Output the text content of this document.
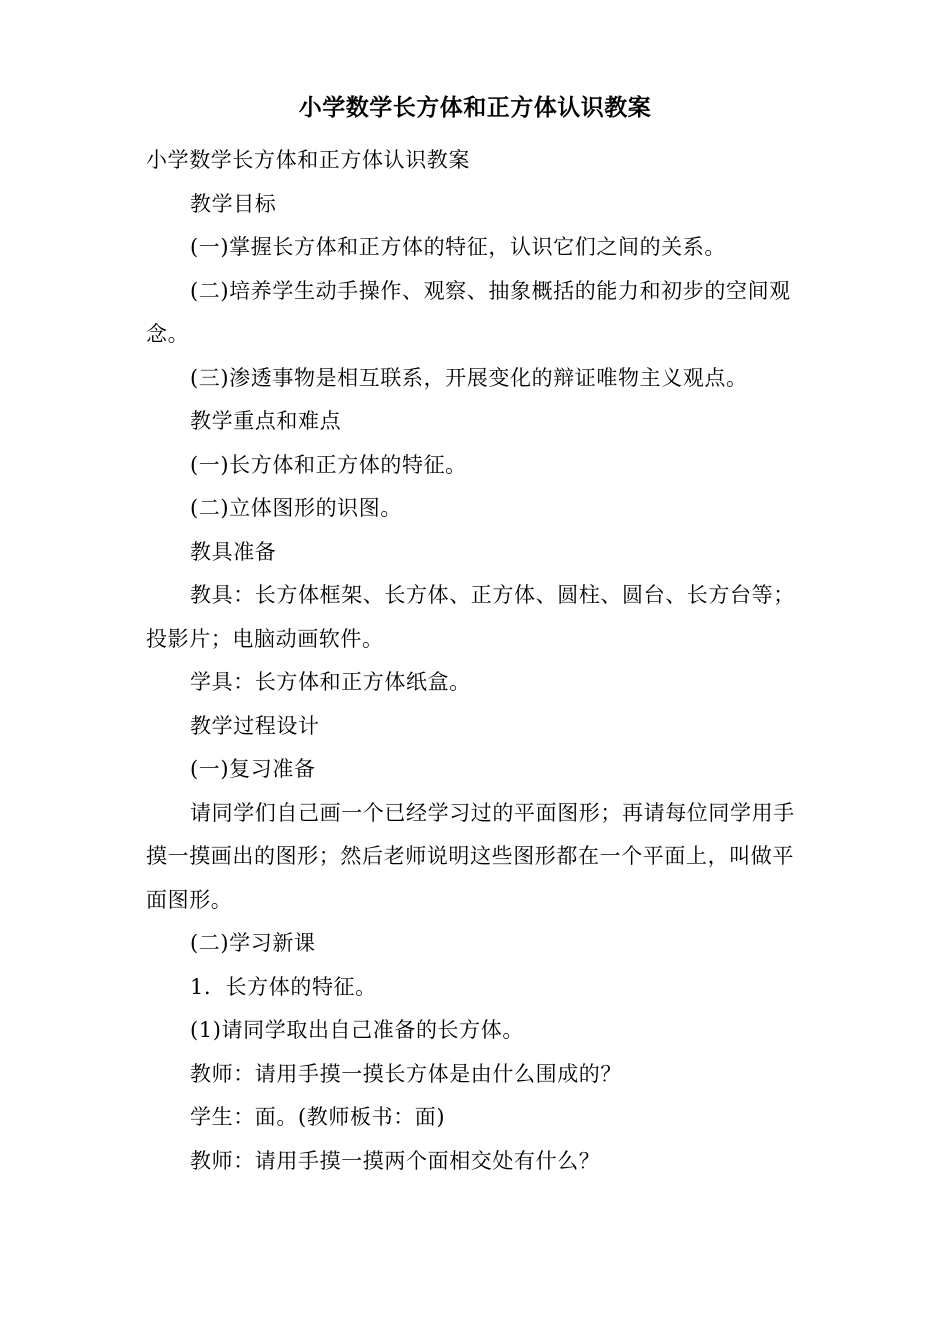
小学数学长方体和正方体认识教案

小学数学长方体和正方体认识教案

教学目标

(一)掌握长方体和正方体的特征，认识它们之间的关系。

(二)培养学生动手操作、观察、抽象概括的能力和初步的空间观念。

(三)渗透事物是相互联系，开展变化的辩证唯物主义观点。

教学重点和难点

(一)长方体和正方体的特征。

(二)立体图形的识图。

教具准备

教具：长方体框架、长方体、正方体、圆柱、圆台、长方台等；投影片；电脑动画软件。

学具：长方体和正方体纸盒。

教学过程设计

(一)复习准备

请同学们自己画一个已经学习过的平面图形；再请每位同学用手摸一摸画出的图形；然后老师说明这些图形都在一个平面上，叫做平面图形。

(二)学习新课

1．长方体的特征。

(1)请同学取出自己准备的长方体。

教师：请用手摸一摸长方体是由什么围成的？

学生：面。(教师板书：面)

教师：请用手摸一摸两个面相交处有什么？
